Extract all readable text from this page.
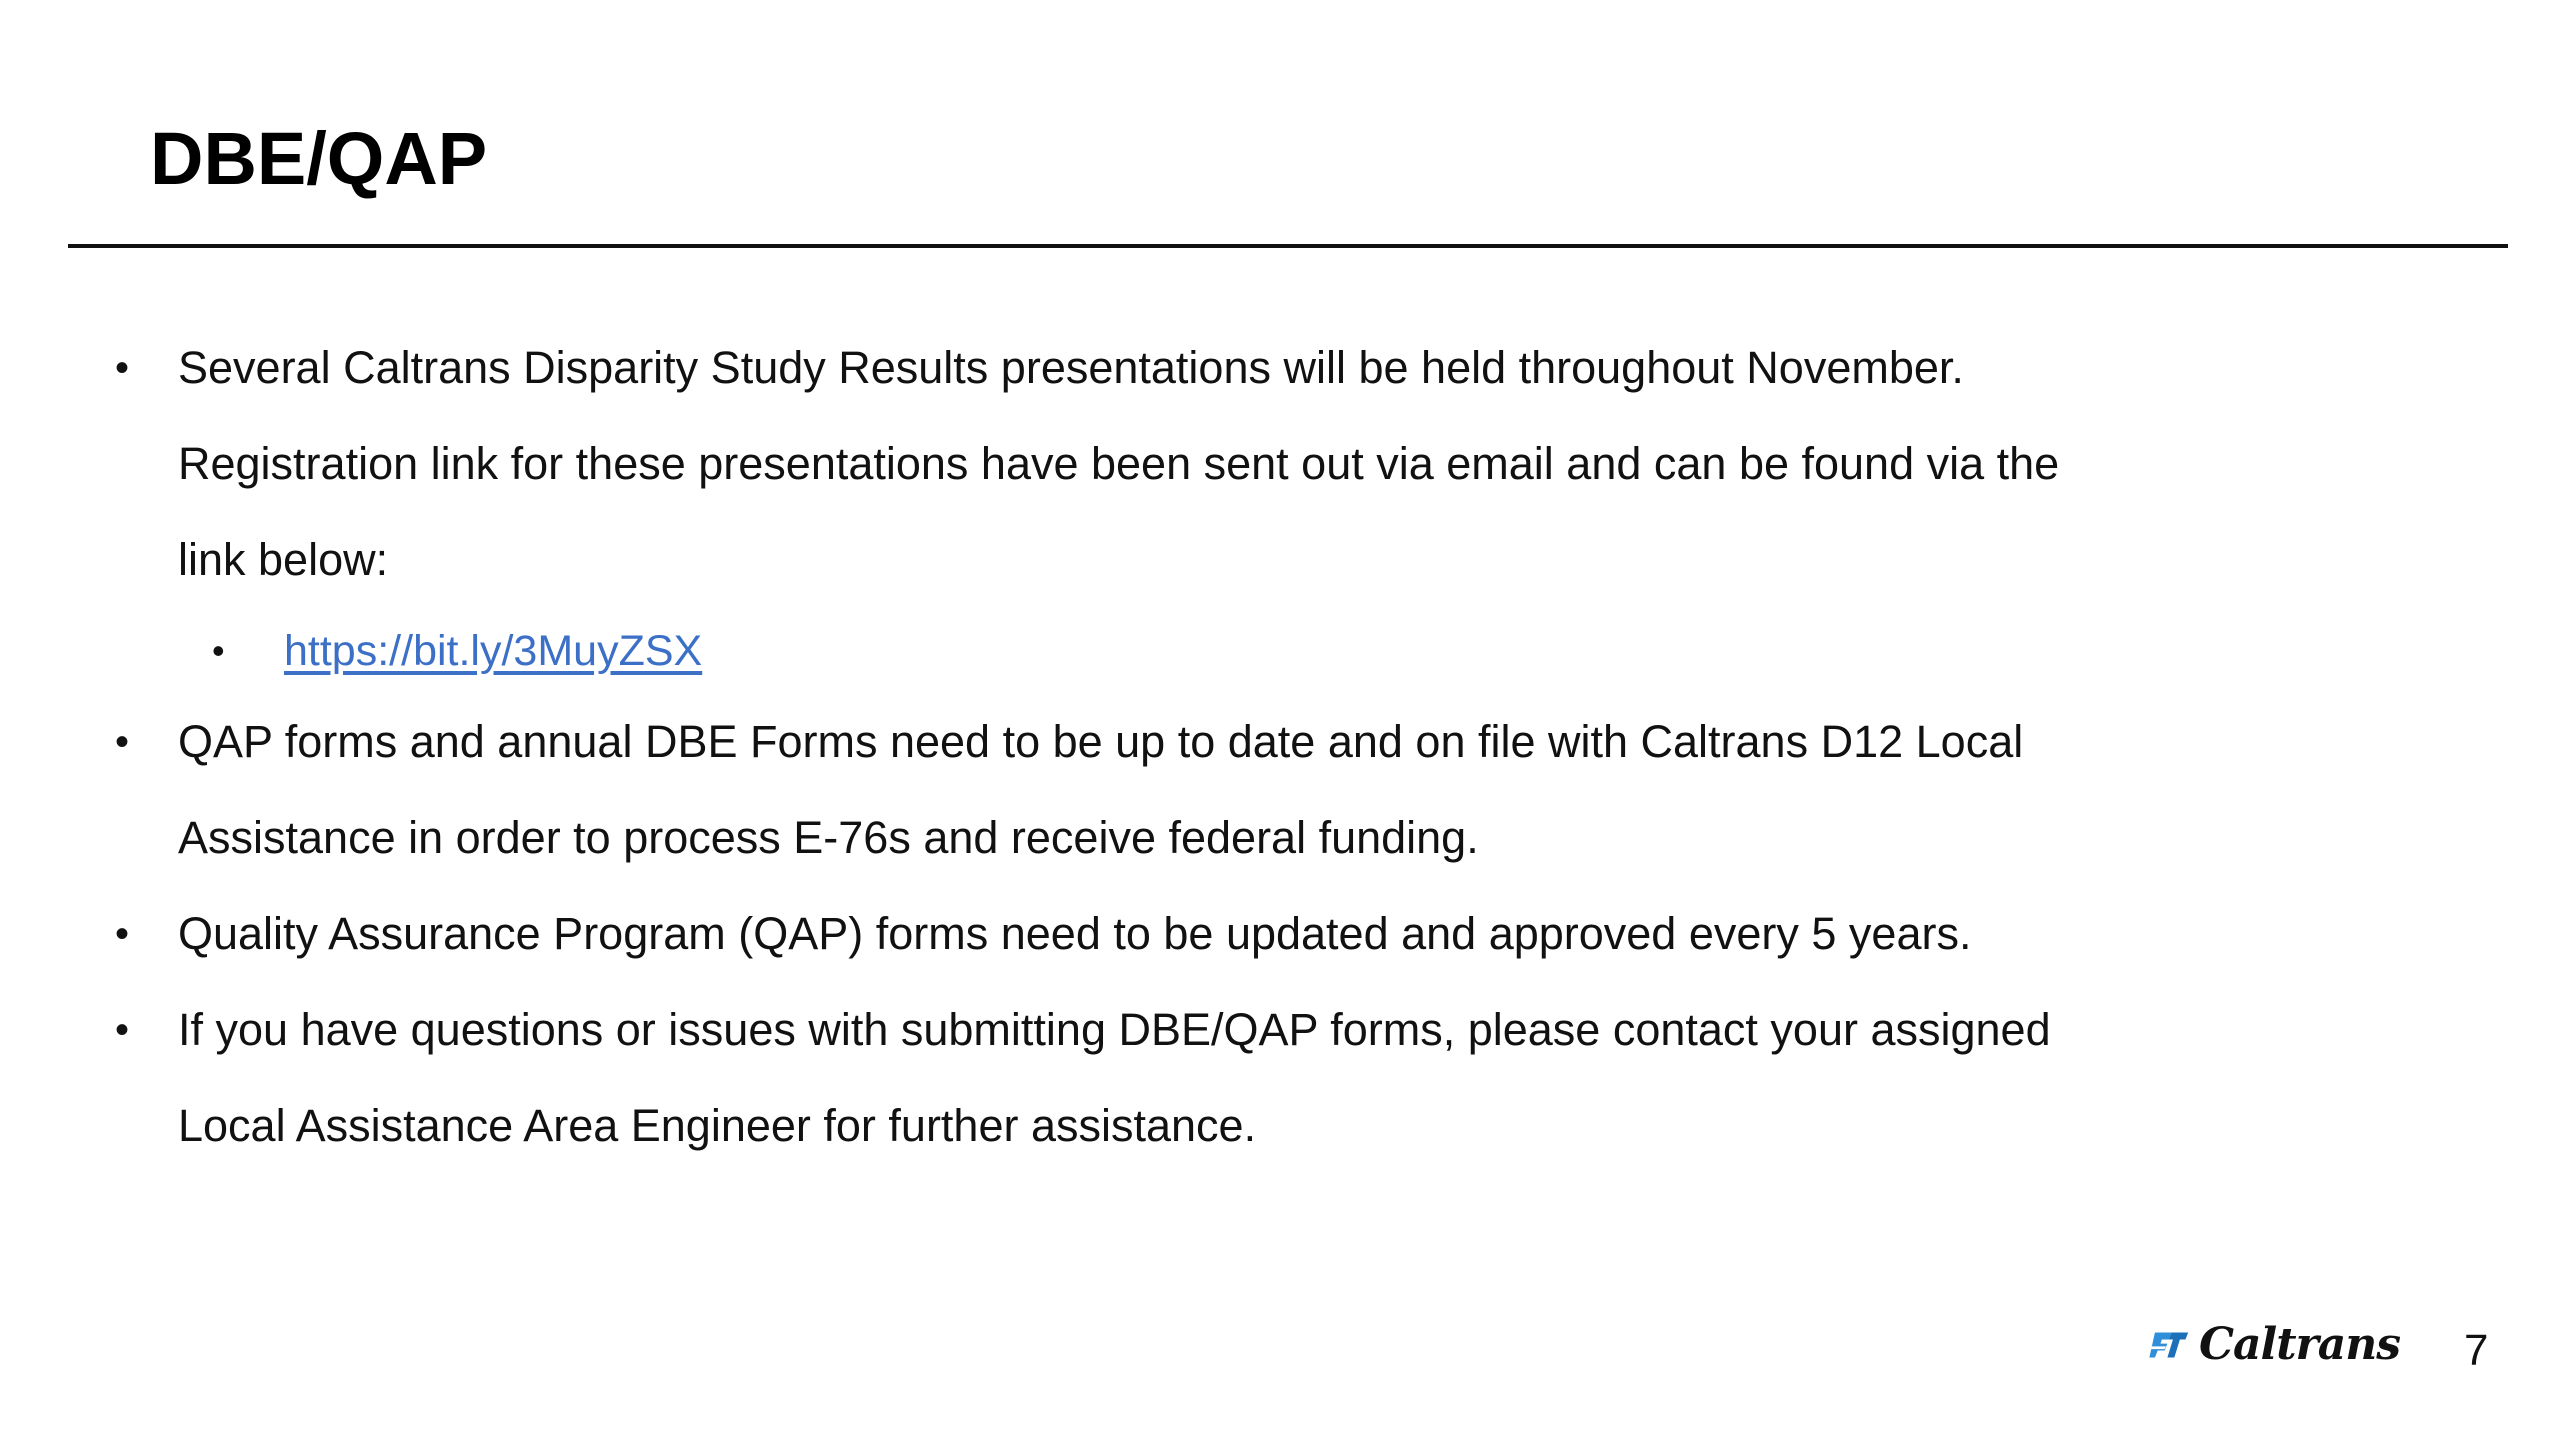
DBE/QAP
• Several Caltrans Disparity Study Results presentations will be held throughout November.
Registration link for these presentations have been sent out via email and can be found via the
link below:
• https://bit.ly/3MuyZSX
• QAP forms and annual DBE Forms need to be up to date and on file with Caltrans D12 Local
Assistance in order to process E-76s and receive federal funding.
• Quality Assurance Program (QAP) forms need to be updated and approved every 5 years.
• If you have questions or issues with submitting DBE/QAP forms, please contact your assigned
Local Assistance Area Engineer for further assistance.
Caltrans 7
